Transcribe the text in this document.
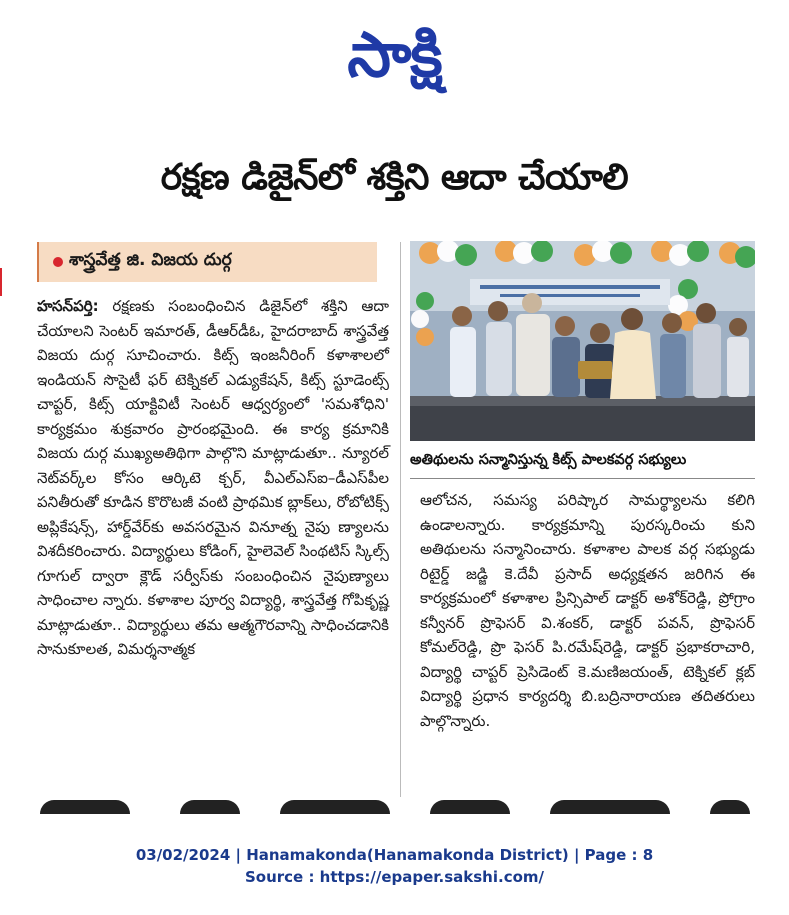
సాక్షి
రక్షణ డిజైన్‌లో శక్తిని ఆదా చేయాలి
శాస్త్రవేత్త జి. విజయ దుర్గ
హసన్‌పర్తి: రక్షణకు సంబంధించిన డిజైన్‌లో శక్తిని ఆదా చేయాలని సెంటర్ ఇమారత్, డీఆర్‌డీఓ, హైదరాబాద్ శాస్త్రవేత్త విజయ దుర్గ సూచించారు. కిట్స్ ఇంజనీరింగ్ కళాశాలలో ఇండియన్ సొసైటీ ఫర్ టెక్నికల్ ఎడ్యుకేషన్, కిట్స్ స్టూడెంట్స్ చాప్టర్, కిట్స్ యాక్టివిటీ సెంటర్ ఆధ్వర్యంలో 'సమశోధిని' కార్యక్రమం శుక్రవారం ప్రారంభమైంది. ఈ కార్య క్రమానికి విజయ దుర్గ ముఖ్యఅతిథిగా పాల్గొని మాట్లాడుతూ.. న్యూరల్ నెట్‌వర్క్‌ల కోసం ఆర్కిటె క్చర్, వీఎల్‌ఎస్‌ఐ–డీఎస్‌పీల పనితీరుతో కూడిన కొరొటజీ వంటి ప్రాథమిక బ్లాక్‌లు, రోబోటిక్స్ అప్లికేషన్స్, హార్డ్‌వేర్‌కు అవసరమైన వినూత్న నైపు ణ్యాలను విశదీకరించారు. విద్యార్థులు కోడింగ్, హైలెవెల్ సింథటిస్ స్కిల్స్ గూగుల్ ద్వారా క్లౌడ్ సర్వీస్‌కు సంబంధించిన నైపుణ్యాలు సాధించాల న్నారు. కళాశాల పూర్వ విద్యార్థి, శాస్త్రవేత్త గోపికృష్ణ మాట్లాడుతూ.. విద్యార్థులు తమ ఆత్మగౌరవాన్ని సాధించడానికి సానుకూలత, విమర్శనాత్మక
అతిథులను సన్మానిస్తున్న కిట్స్ పాలకవర్గ సభ్యులు
ఆలోచన, సమస్య పరిష్కార సామర్థ్యాలను కలిగి ఉండాలన్నారు. కార్యక్రమాన్ని పురస్కరించు కుని అతిథులను సన్మానించారు. కళాశాల పాలక వర్గ సభ్యుడు రిటైర్డ్ జడ్జి కె.దేవీ ప్రసాద్ అధ్యక్షతన జరిగిన ఈ కార్యక్రమంలో కళాశాల ప్రిన్సిపాల్ డాక్టర్ అశోక్‌రెడ్డి, ప్రోగ్రాం కన్వీనర్ ప్రొఫెసర్ వి.శంకర్, డాక్టర్ పవన్, ప్రొఫెసర్ కోమల్‌రెడ్డి, ప్రొ ఫెసర్ పి.రమేష్‌రెడ్డి, డాక్టర్ ప్రభాకరాచారి, విద్యార్థి చాప్టర్ ప్రెసిడెంట్ కె.మణిజయంత్, టెక్నికల్ క్లబ్ విద్యార్థి ప్రధాన కార్యదర్శి బి.బద్రినారాయణ తదితరులు పాల్గొన్నారు.
03/02/2024 | Hanamakonda(Hanamakonda District) | Page : 8
Source : https://epaper.sakshi.com/
